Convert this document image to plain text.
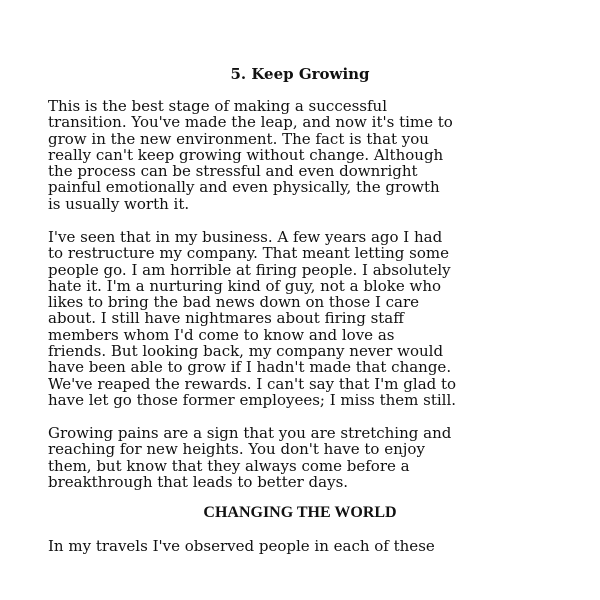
5. Keep Growing
This is the best stage of making a successful
transition. You've made the leap, and now it's time to
grow in the new environment. The fact is that you
really can't keep growing without change. Although
the process can be stressful and even downright
painful emotionally and even physically, the growth
is usually worth it.
I've seen that in my business. A few years ago I had
to restructure my company. That meant letting some
people go. I am horrible at firing people. I absolutely
hate it. I'm a nurturing kind of guy, not a bloke who
likes to bring the bad news down on those I care
about. I still have nightmares about firing staff
members whom I'd come to know and love as
friends. But looking back, my company never would
have been able to grow if I hadn't made that change.
We've reaped the rewards. I can't say that I'm glad to
have let go those former employees; I miss them still.
Growing pains are a sign that you are stretching and
reaching for new heights. You don't have to enjoy
them, but know that they always come before a
breakthrough that leads to better days.
CHANGING THE WORLD
In my travels I've observed people in each of these
